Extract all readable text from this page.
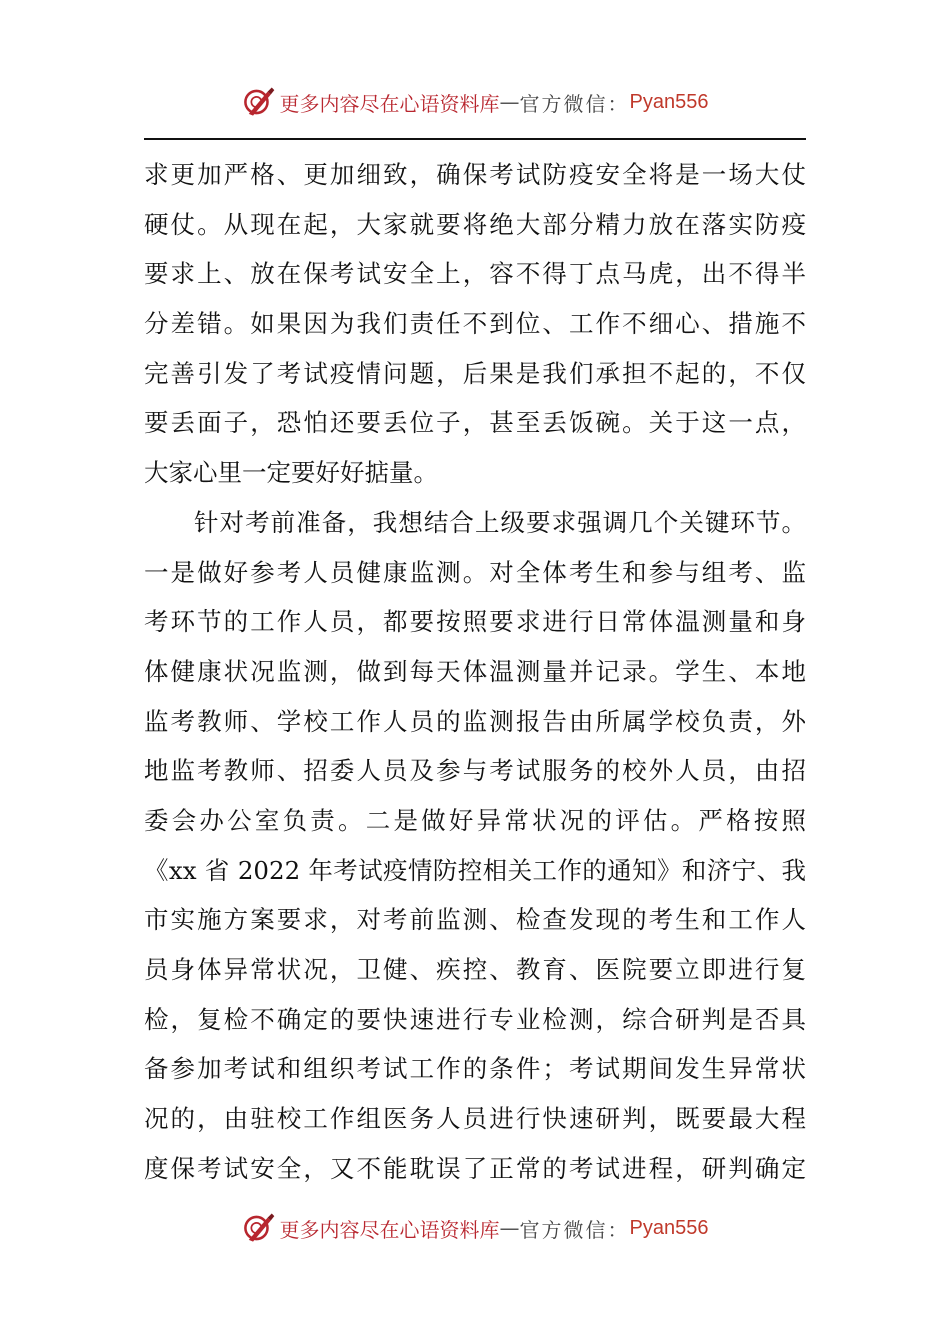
更多内容尽在心语资料库 — 官方微信： Pyan556
求更加严格、更加细致，确保考试防疫安全将是一场大仗
硬仗。从现在起，大家就要将绝大部分精力放在落实防疫
要求上、放在保考试安全上，容不得丁点马虎，出不得半
分差错。如果因为我们责任不到位、工作不细心、措施不
完善引发了考试疫情问题，后果是我们承担不起的，不仅
要丢面子，恐怕还要丢位子，甚至丢饭碗。关于这一点，
大家心里一定要好好掂量。
针对考前准备，我想结合上级要求强调几个关键环节。
一是做好参考人员健康监测。对全体考生和参与组考、监
考环节的工作人员，都要按照要求进行日常体温测量和身
体健康状况监测，做到每天体温测量并记录。学生、本地
监考教师、学校工作人员的监测报告由所属学校负责，外
地监考教师、招委人员及参与考试服务的校外人员，由招
委会办公室负责。二是做好异常状况的评估。严格按照
《xx 省 2022 年考试疫情防控相关工作的通知》和济宁、我
市实施方案要求，对考前监测、检查发现的考生和工作人
员身体异常状况，卫健、疾控、教育、医院要立即进行复
检，复检不确定的要快速进行专业检测，综合研判是否具
备参加考试和组织考试工作的条件；考试期间发生异常状
况的，由驻校工作组医务人员进行快速研判，既要最大程
度保考试安全，又不能耽误了正常的考试进程，研判确定
更多内容尽在心语资料库 — 官方微信： Pyan556
